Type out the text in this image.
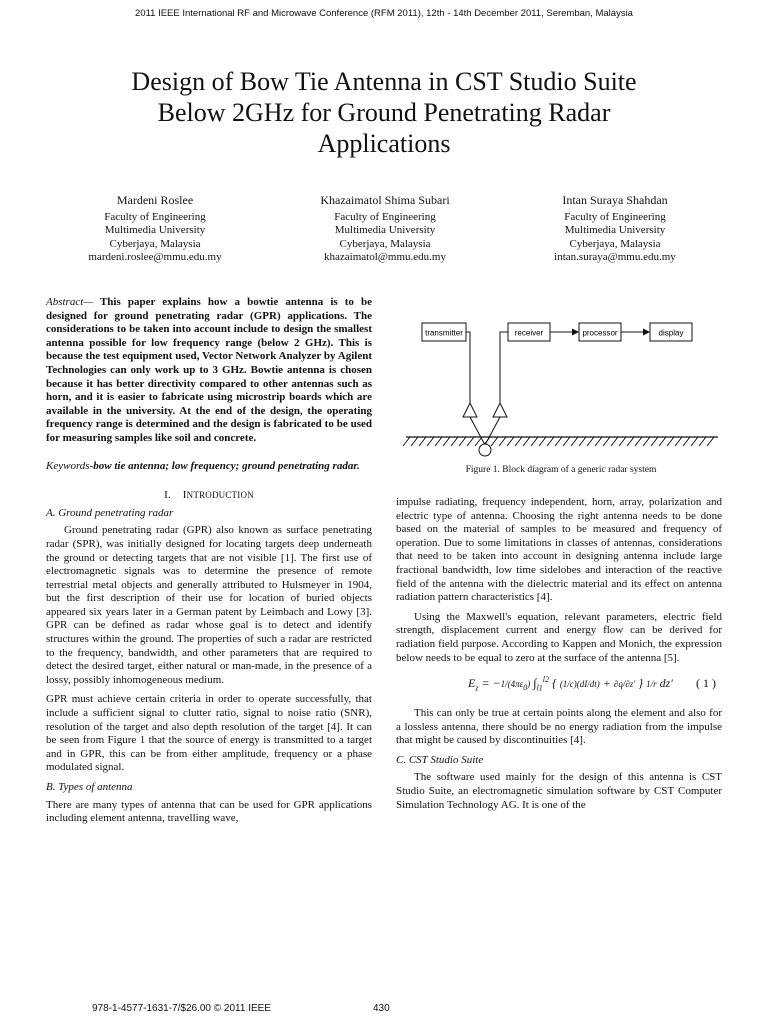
2011 IEEE International RF and Microwave Conference (RFM 2011), 12th - 14th December 2011, Seremban, Malaysia
Design of Bow Tie Antenna in CST Studio Suite
Below 2GHz for Ground Penetrating Radar
Applications
Mardeni Roslee
Faculty of Engineering
Multimedia University
Cyberjaya, Malaysia
mardeni.roslee@mmu.edu.my
Khazaimatol Shima Subari
Faculty of Engineering
Multimedia University
Cyberjaya, Malaysia
khazaimatol@mmu.edu.my
Intan Suraya Shahdan
Faculty of Engineering
Multimedia University
Cyberjaya, Malaysia
intan.suraya@mmu.edu.my

Abstract— This paper explains how a bowtie antenna is to be designed for ground penetrating radar (GPR) applications. The considerations to be taken into account include to design the smallest antenna possible for low frequency range (below 2 GHz). This is because the test equipment used, Vector Network Analyzer by Agilent Technologies can only work up to 3 GHz. Bowtie antenna is chosen because it has better directivity compared to other antennas such as horn, and it is easier to fabricate using microstrip boards which are available in the university. At the end of the design, the operating frequency range is determined and the design is fabricated to be used for measuring samples like soil and concrete.

Keywords-bow tie antenna; low frequency; ground penetrating radar.

I. INTRODUCTION
A. Ground penetrating radar

Ground penetrating radar (GPR) also known as surface penetrating radar (SPR), was initially designed for locating targets deep underneath the ground or detecting targets that are not visible [1]. The first use of electromagnetic signals was to determine the presence of remote terrestrial metal objects and generally attributed to Hulsmeyer in 1904, but the first description of their use for location of buried objects appeared six years later in a German patent by Leimbach and Lowy [3]. GPR can be defined as radar whose goal is to detect and identify structures within the ground. The properties of such a radar are restricted to the frequency, bandwidth, and other parameters that are required to detect the desired target, either natural or man-made, in the presence of a lossy, possibly inhomogeneous medium.

GPR must achieve certain criteria in order to operate successfully, that include a sufficient signal to clutter ratio, signal to noise ratio (SNR), resolution of the target and also depth resolution of the target [4]. It can be seen from Figure 1 that the source of energy is transmitted to a target and in GPR, this can be from either amplitude, frequency or a phase modulated signal.

B. Types of antenna

There are many types of antenna that can be used for GPR applications including element antenna, travelling wave,

transmitter	receiver	processor	display
Figure 1. Block diagram of a generic radar system

impulse radiating, frequency independent, horn, array, polarization and electric type of antenna. Choosing the right antenna needs to be done based on the material of samples to be measured and frequency of operation. Due to some limitations in classes of antennas, considerations that need to be taken into account in designing antenna include large fractional bandwidth, low time sidelobes and interaction of the reactive field of the antenna with the dielectric material and its effect on antenna radiation pattern characteristics [4].

Using the Maxwell's equation, relevant parameters, electric field strength, displacement current and energy flow can be derived for radiation field purpose. According to Kappen and Monich, the expression below needs to be equal to zero at the surface of the antenna [5].

$E_z = -1/(4\pi\varepsilon 0)$ $\int_{l1}^{l2}$ { (1/c)(dI/dt) + ∂q/∂z′ } 1/r dz′ ( 1 )

This can only be true at certain points along the element and also for a lossless antenna, there should be no energy radiation from the impulse that might be caused by discontinuities [4].

C. CST Studio Suite

The software used mainly for the design of this antenna is CST Studio Suite, an electromagnetic simulation software by CST Computer Simulation Technology AG. It is one of the

978-1-4577-1631-7/$26.00 © 2011 IEEE	430
